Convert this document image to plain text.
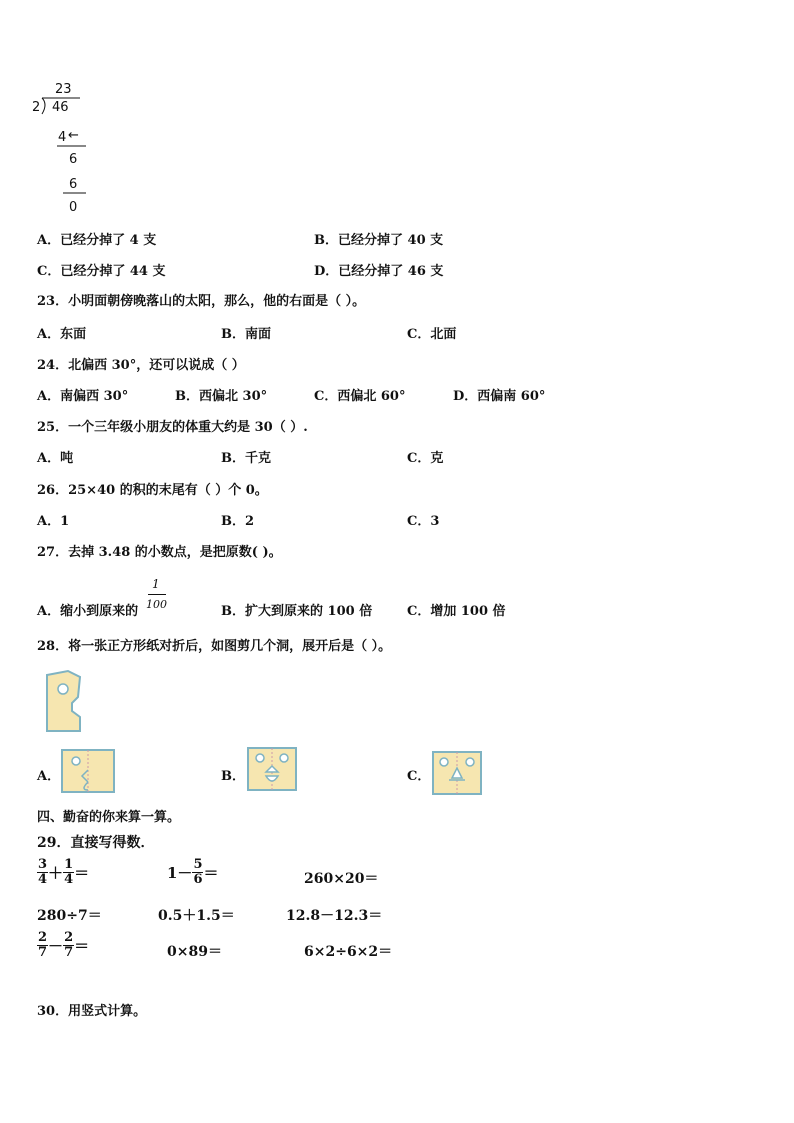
23
2 46
4 ←
6
6
0
A．已经分掉了 4 支	B．已经分掉了 40 支
C．已经分掉了 44 支	D．已经分掉了 46 支
23．小明面朝傍晚落山的太阳，那么，他的右面是（ ）。
A．东面	B．南面	C．北面
24．北偏西 30°，还可以说成（ ）
A．南偏西 30°	B．西偏北 30°	C．西偏北 60°	D．西偏南 60°
25．一个三年级小朋友的体重大约是 30（ ）.
A．吨	B．千克	C．克
26．25×40 的积的末尾有（ ）个 0。
A．1	B．2	C．3
27．去掉 3.48 的小数点，是把原数( )。
A．缩小到原来的
1
100	B．扩大到原来的 100 倍	C．增加 100 倍
28．将一张正方形纸对折后，如图剪几个洞，展开后是（ ）。
A．	B．	C．
四、勤奋的你来算一算。
29．直接写得数．
$\frac{3}{4} + \frac{1}{4}$ ＝	$1- \frac{5}{6}$ ＝	260×20＝
280÷7＝	0.5＋1.5＝	12.8－12.3＝
$\frac{2}{7} - \frac{2}{7}$ ＝	0×89＝	6×2÷6×2＝
30．用竖式计算。
